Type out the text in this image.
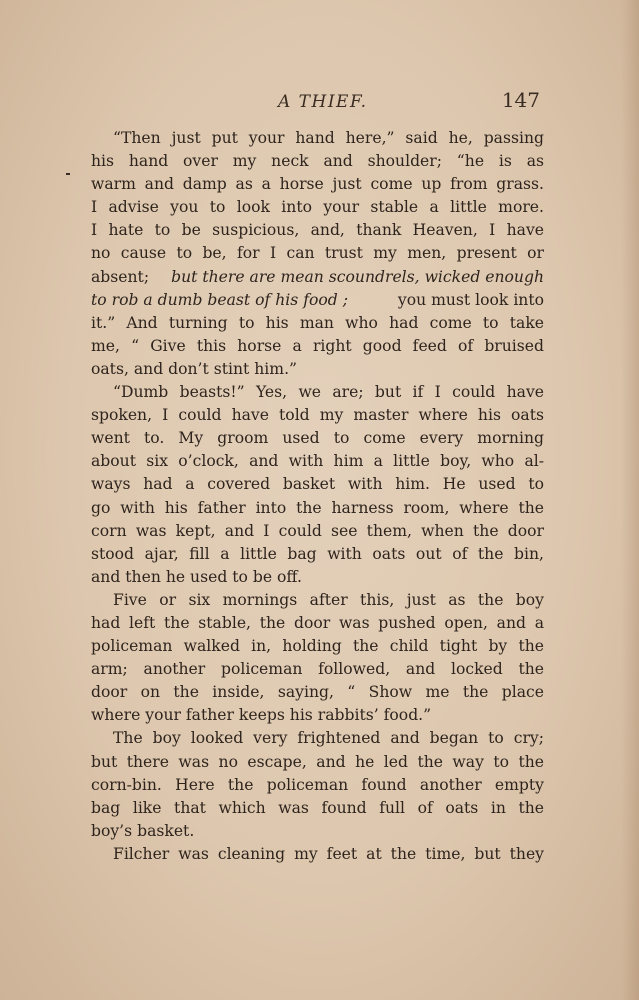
A THIEF.	147
“Then just put your hand here,” said he, passing
his hand over my neck and shoulder; “he is as
warm and damp as a horse just come up from grass.
I advise you to look into your stable a little more.
I hate to be suspicious, and, thank Heaven, I have
no cause to be, for I can trust my men, present or
absent; but there are mean scoundrels, wicked enough
to rob a dumb beast of his food ;	you must look into
it.” And turning to his man who had come to take
me, “ Give this horse a right good feed of bruised
oats, and don’t stint him.”
“Dumb beasts!” Yes, we are; but if I could have
spoken, I could have told my master where his oats
went to. My groom used to come every morning
about six o’clock, and with him a little boy, who al-
ways had a covered basket with him. He used to
go with his father into the harness room, where the
corn was kept, and I could see them, when the door
stood ajar, fill a little bag with oats out of the bin,
and then he used to be off.
Five or six mornings after this, just as the boy
had left the stable, the door was pushed open, and a
policeman walked in, holding the child tight by the
arm; another policeman followed, and locked the
door on the inside, saying, “ Show me the place
where your father keeps his rabbits’ food.”
The boy looked very frightened and began to cry;
but there was no escape, and he led the way to the
corn-bin. Here the policeman found another empty
bag like that which was found full of oats in the
boy’s basket.
Filcher was cleaning my feet at the time, but they
